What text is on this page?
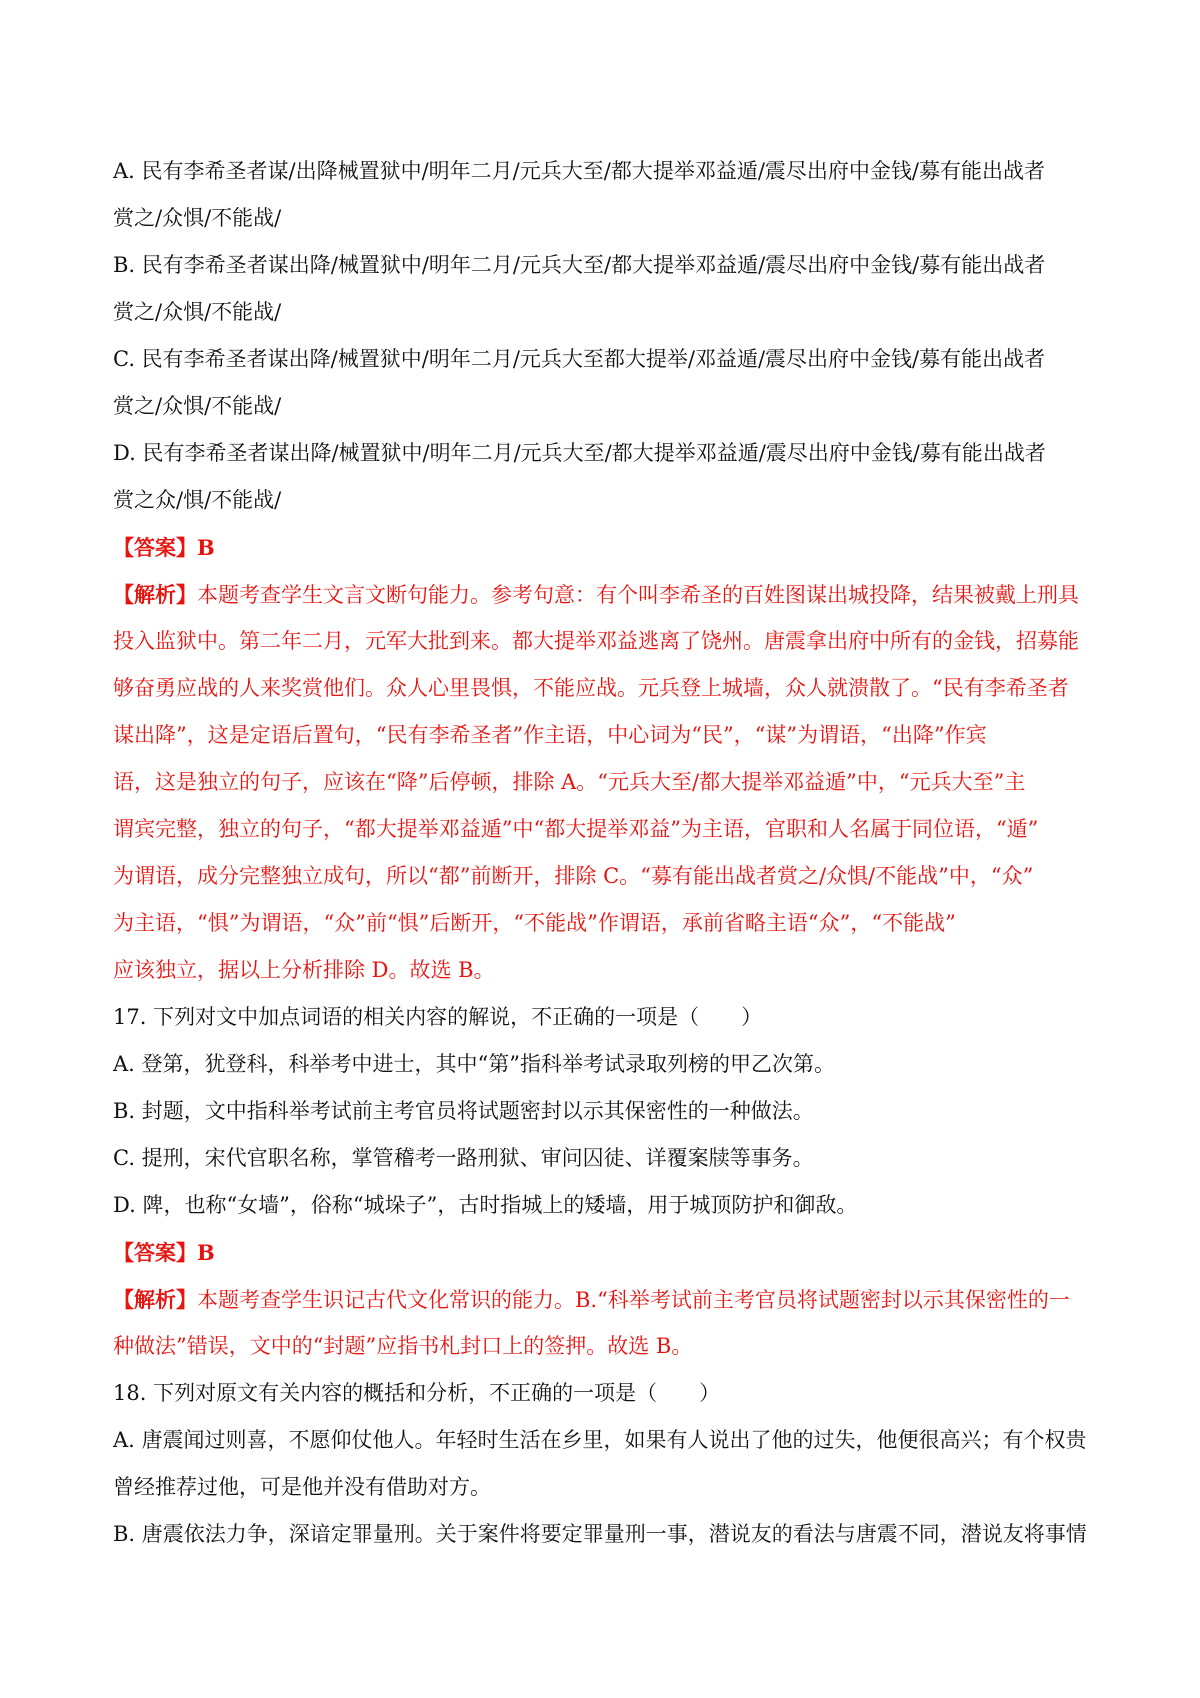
A. 民有李希圣者谋/出降械置狱中/明年二月/元兵大至/都大提举邓益遁/震尽出府中金钱/募有能出战者
赏之/众惧/不能战/
B. 民有李希圣者谋出降/械置狱中/明年二月/元兵大至/都大提举邓益遁/震尽出府中金钱/募有能出战者
赏之/众惧/不能战/
C. 民有李希圣者谋出降/械置狱中/明年二月/元兵大至都大提举/邓益遁/震尽出府中金钱/募有能出战者
赏之/众惧/不能战/
D. 民有李希圣者谋出降/械置狱中/明年二月/元兵大至/都大提举邓益遁/震尽出府中金钱/募有能出战者
赏之众/惧/不能战/
【答案】B
【解析】本题考查学生文言文断句能力。参考句意：有个叫李希圣的百姓图谋出城投降，结果被戴上刑具
投入监狱中。第二年二月，元军大批到来。都大提举邓益逃离了饶州。唐震拿出府中所有的金钱，招募能
够奋勇应战的人来奖赏他们。众人心里畏惧，不能应战。元兵登上城墙，众人就溃散了。“民有李希圣者
谋出降”，这是定语后置句，“民有李希圣者”作主语，中心词为“民”，“谋”为谓语，“出降”作宾
语，这是独立的句子，应该在“降”后停顿，排除 A。“元兵大至/都大提举邓益遁”中，“元兵大至”主
谓宾完整，独立的句子，“都大提举邓益遁”中“都大提举邓益”为主语，官职和人名属于同位语，“遁”
为谓语，成分完整独立成句，所以“都”前断开，排除 C。“募有能出战者赏之/众惧/不能战”中，“众”
为主语，“惧”为谓语，“众”前“惧”后断开，“不能战”作谓语，承前省略主语“众”，“不能战”
应该独立，据以上分析排除 D。故选 B。
17. 下列对文中加点词语的相关内容的解说，不正确的一项是（　　）
A. 登第，犹登科，科举考中进士，其中“第”指科举考试录取列榜的甲乙次第。
B. 封题，文中指科举考试前主考官员将试题密封以示其保密性的一种做法。
C. 提刑，宋代官职名称，掌管稽考一路刑狱、审问囚徒、详覆案牍等事务。
D. 陴，也称“女墙”，俗称“城垛子”，古时指城上的矮墙，用于城顶防护和御敌。
【答案】B
【解析】本题考查学生识记古代文化常识的能力。B.“科举考试前主考官员将试题密封以示其保密性的一
种做法”错误，文中的“封题”应指书札封口上的签押。故选 B。
18. 下列对原文有关内容的概括和分析，不正确的一项是（　　）
A. 唐震闻过则喜，不愿仰仗他人。年轻时生活在乡里，如果有人说出了他的过失，他便很高兴；有个权贵
曾经推荐过他，可是他并没有借助对方。
B. 唐震依法力争，深谙定罪量刑。关于案件将要定罪量刑一事，潜说友的看法与唐震不同，潜说友将事情
